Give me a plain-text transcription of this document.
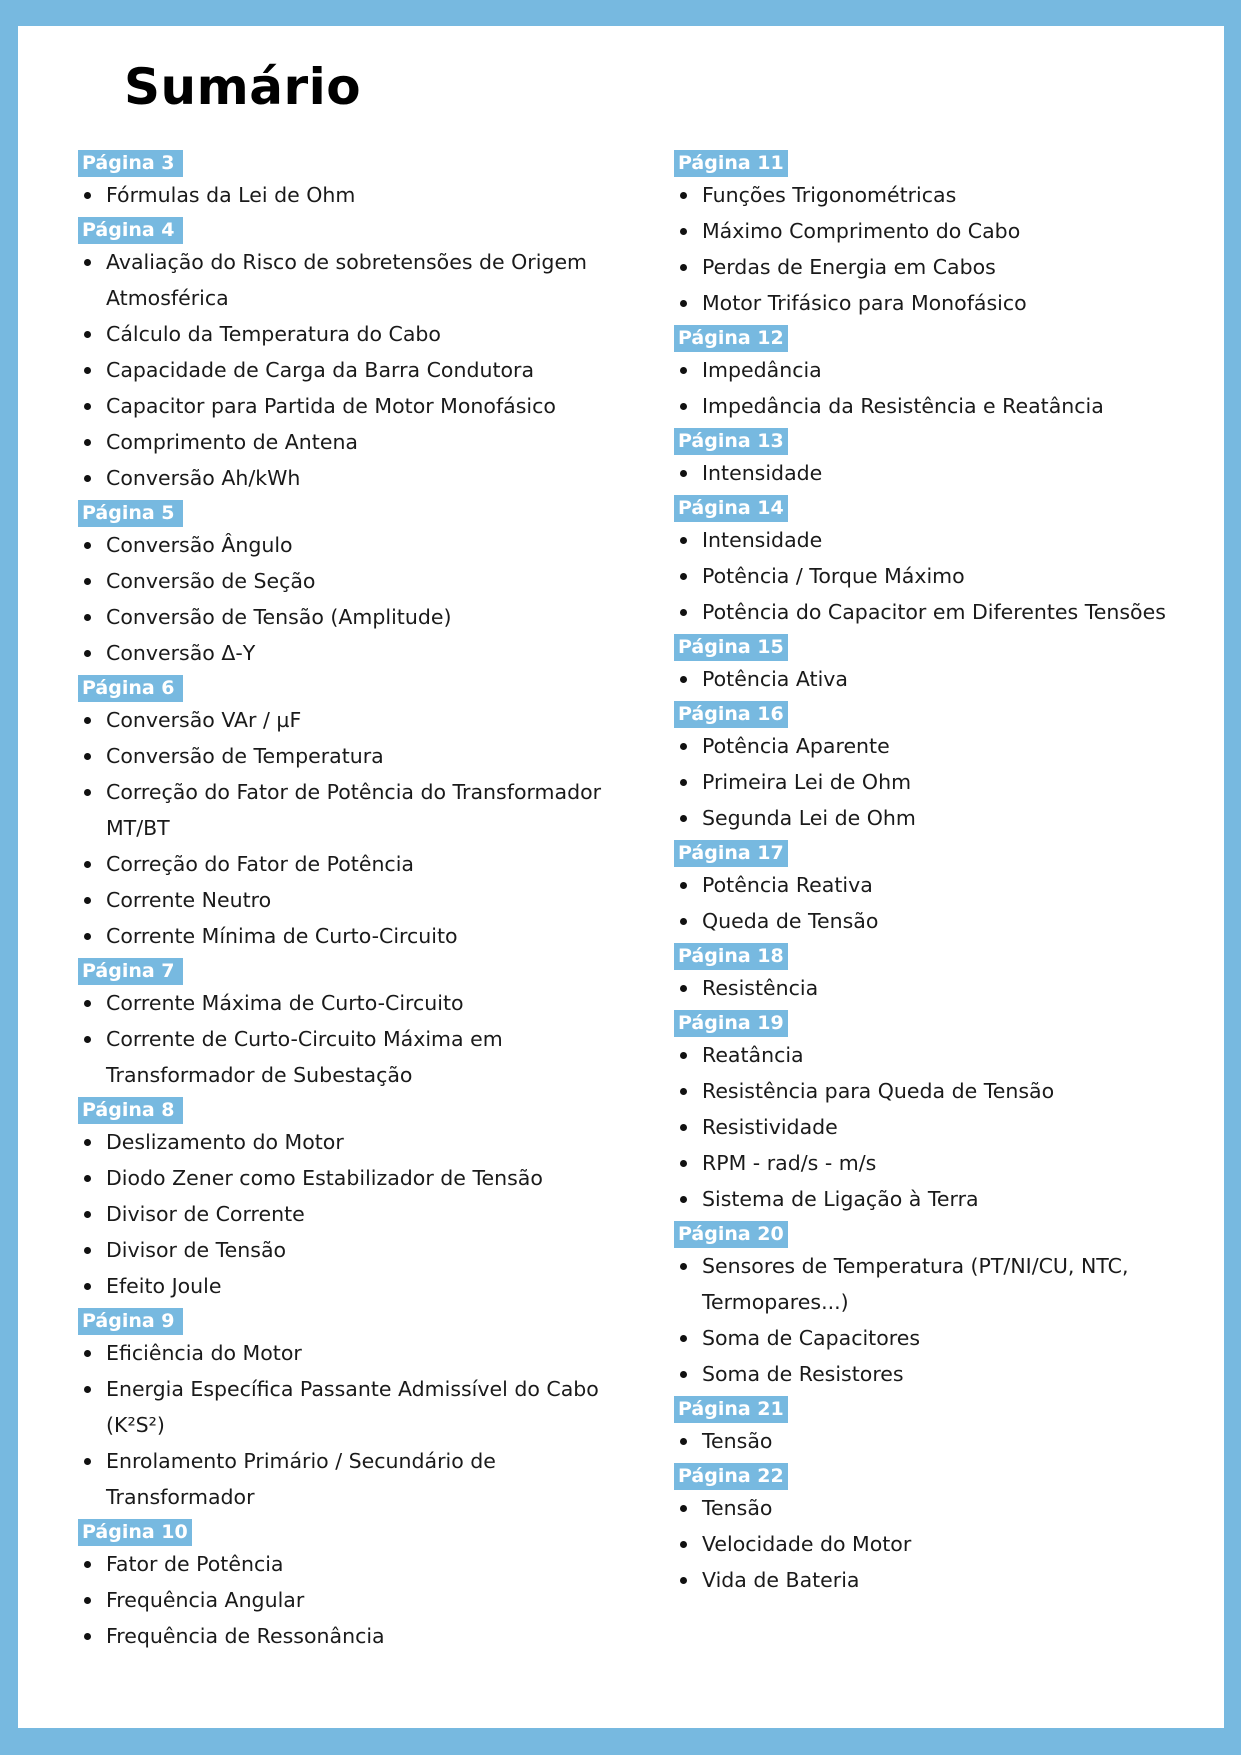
Sumário
Página 3
Fórmulas da Lei de Ohm
Página 4
Avaliação do Risco de sobretensões de Origem Atmosférica
Cálculo da Temperatura do Cabo
Capacidade de Carga da Barra Condutora
Capacitor para Partida de Motor Monofásico
Comprimento de Antena
Conversão Ah/kWh
Página 5
Conversão Ângulo
Conversão de Seção
Conversão de Tensão (Amplitude)
Conversão Δ-Y
Página 6
Conversão VAr / µF
Conversão de Temperatura
Correção do Fator de Potência do Transformador MT/BT
Correção do Fator de Potência
Corrente Neutro
Corrente Mínima de Curto-Circuito
Página 7
Corrente Máxima de Curto-Circuito
Corrente de Curto-Circuito Máxima em Transformador de Subestação
Página 8
Deslizamento do Motor
Diodo Zener como Estabilizador de Tensão
Divisor de Corrente
Divisor de Tensão
Efeito Joule
Página 9
Eficiência do Motor
Energia Específica Passante Admissível do Cabo (K²S²)
Enrolamento Primário / Secundário de Transformador
Página 10
Fator de Potência
Frequência Angular
Frequência de Ressonância
Página 11
Funções Trigonométricas
Máximo Comprimento do Cabo
Perdas de Energia em Cabos
Motor Trifásico para Monofásico
Página 12
Impedância
Impedância da Resistência e Reatância
Página 13
Intensidade
Página 14
Intensidade
Potência / Torque Máximo
Potência do Capacitor em Diferentes Tensões
Página 15
Potência Ativa
Página 16
Potência Aparente
Primeira Lei de Ohm
Segunda Lei de Ohm
Página 17
Potência Reativa
Queda de Tensão
Página 18
Resistência
Página 19
Reatância
Resistência para Queda de Tensão
Resistividade
RPM - rad/s - m/s
Sistema de Ligação à Terra
Página 20
Sensores de Temperatura (PT/NI/CU, NTC, Termopares...)
Soma de Capacitores
Soma de Resistores
Página 21
Tensão
Página 22
Tensão
Velocidade do Motor
Vida de Bateria
